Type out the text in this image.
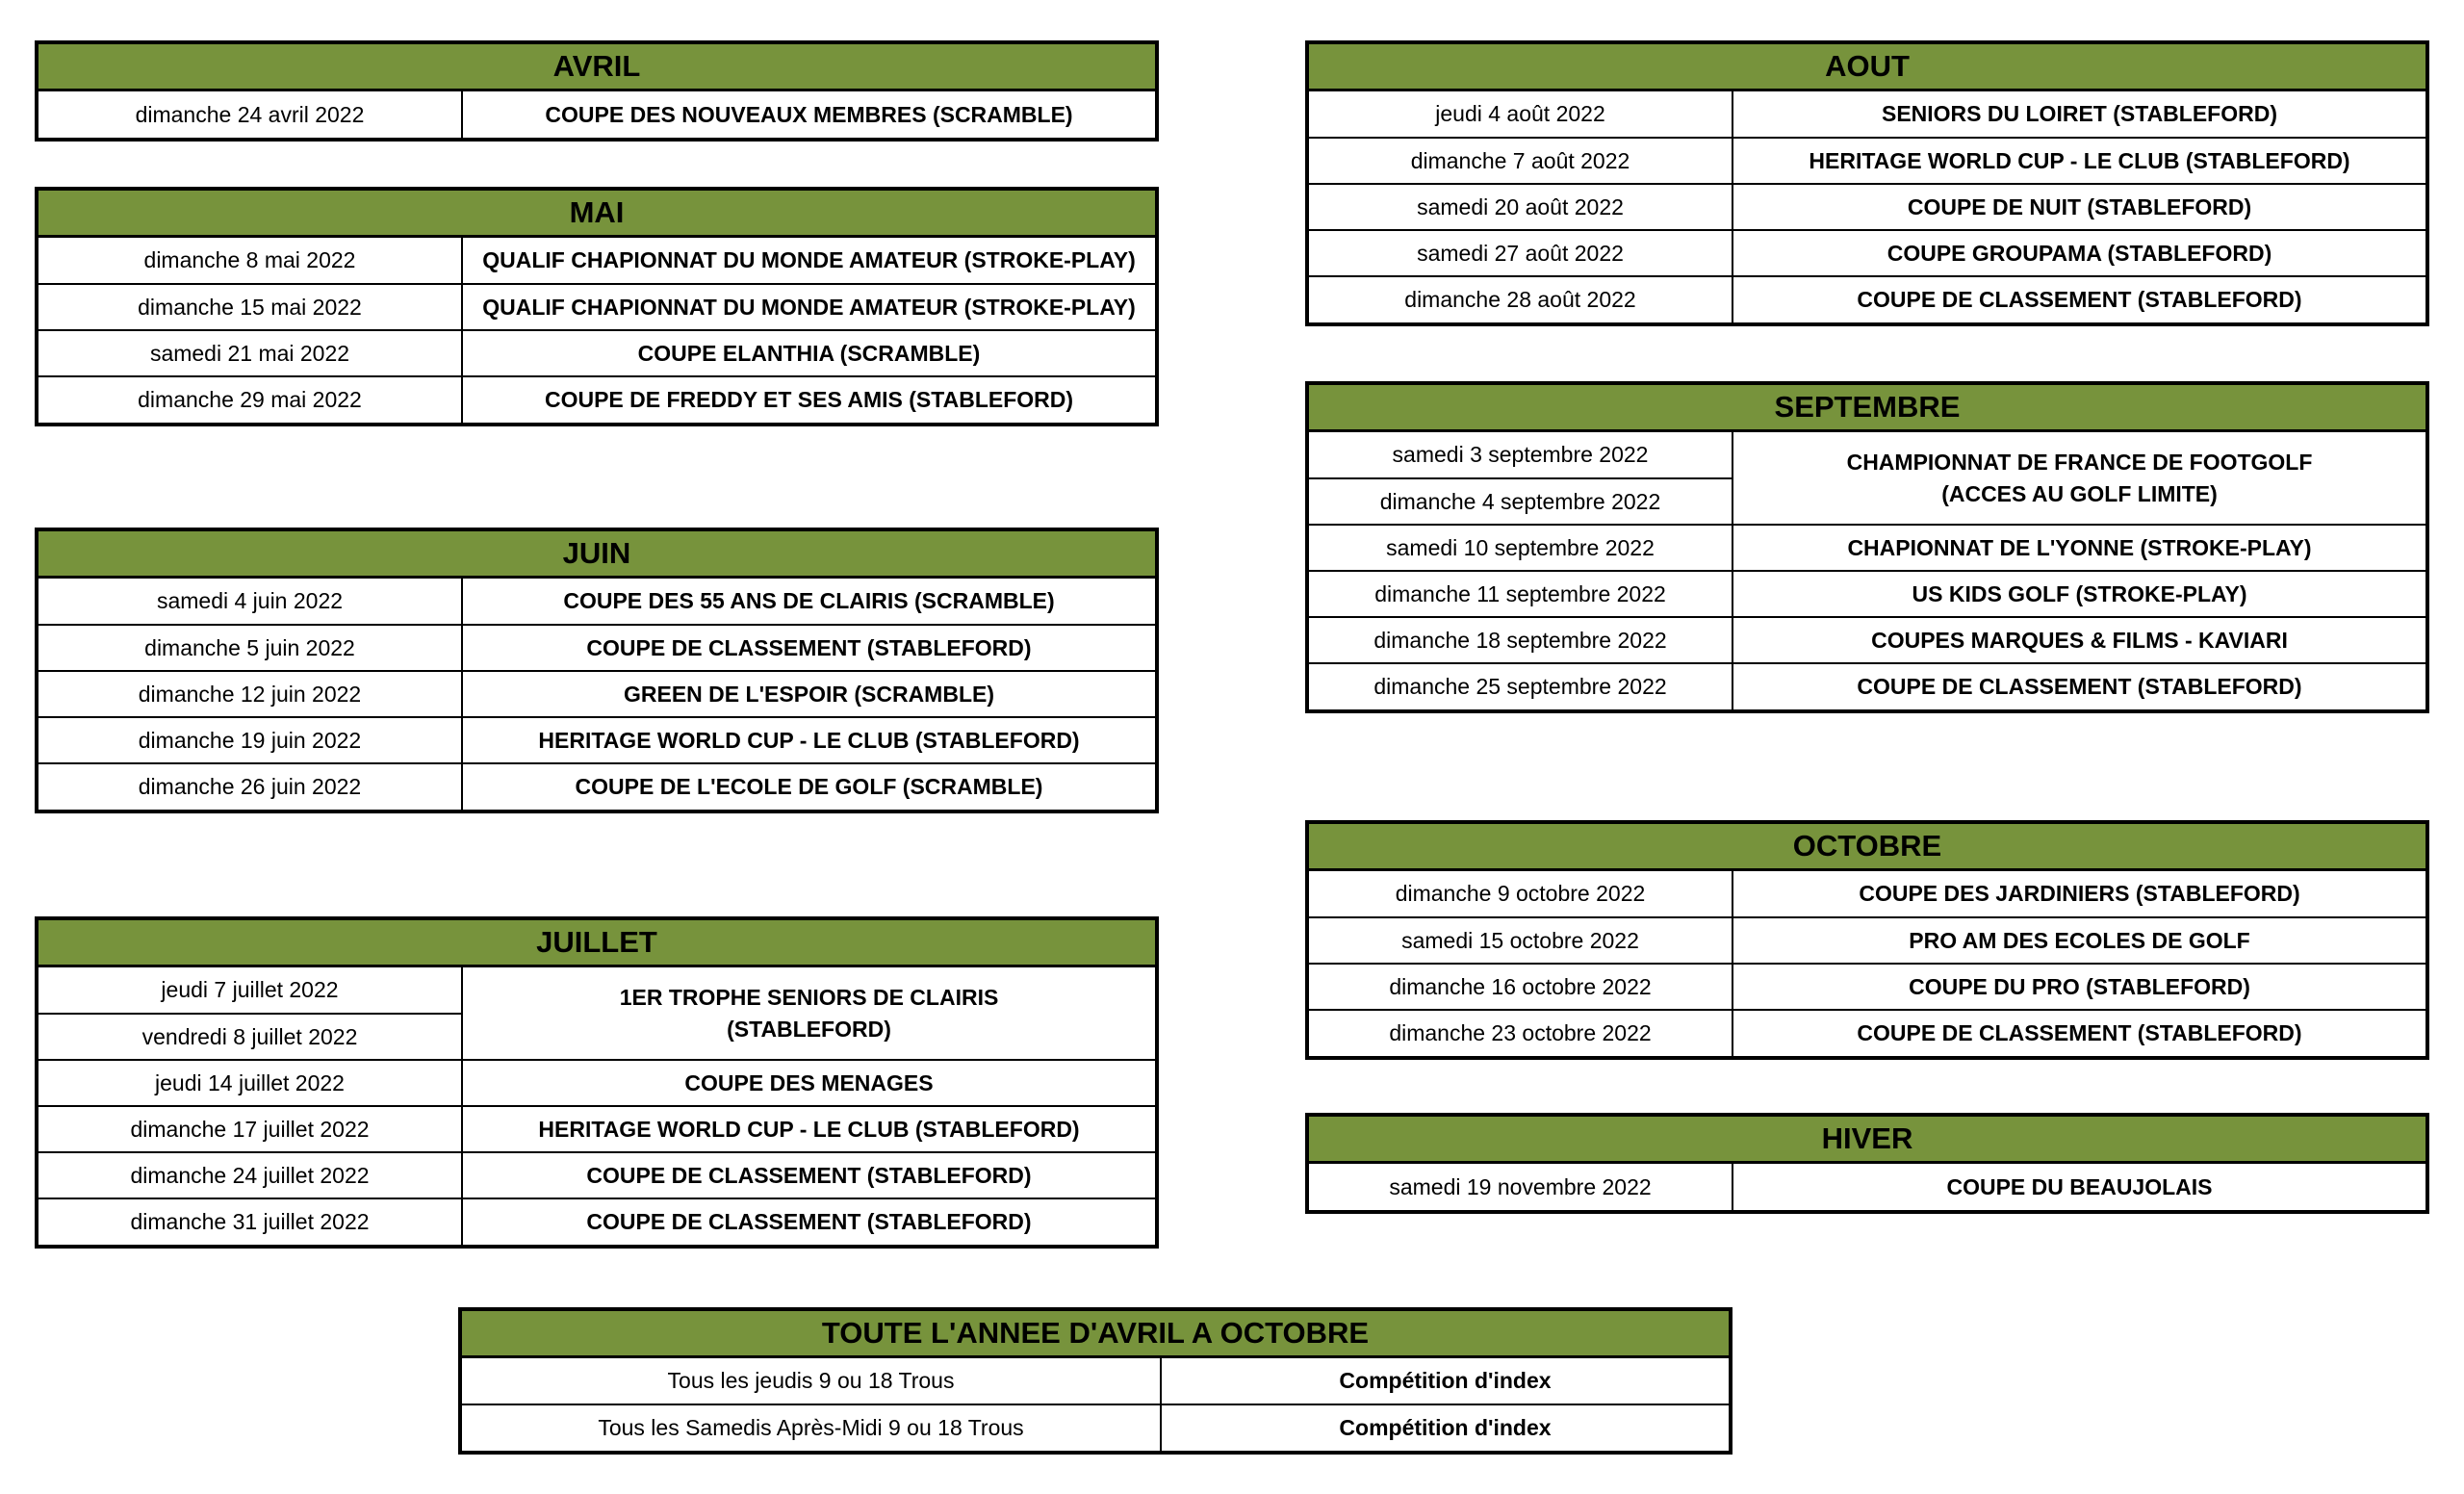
AVRIL
dimanche 24 avril 2022	COUPE DES NOUVEAUX MEMBRES (SCRAMBLE)
MAI
dimanche 8 mai 2022	QUALIF CHAPIONNAT DU MONDE AMATEUR (STROKE-PLAY)
dimanche 15 mai 2022	QUALIF CHAPIONNAT DU MONDE AMATEUR (STROKE-PLAY)
samedi 21 mai 2022	COUPE ELANTHIA (SCRAMBLE)
dimanche 29 mai 2022	COUPE DE FREDDY ET SES AMIS (STABLEFORD)
JUIN
samedi 4 juin 2022	COUPE DES 55 ANS DE CLAIRIS (SCRAMBLE)
dimanche 5 juin 2022	COUPE DE CLASSEMENT (STABLEFORD)
dimanche 12 juin 2022	GREEN DE L'ESPOIR (SCRAMBLE)
dimanche 19 juin 2022	HERITAGE WORLD CUP - LE CLUB (STABLEFORD)
dimanche 26 juin 2022	COUPE DE L'ECOLE DE GOLF (SCRAMBLE)
JUILLET
jeudi 7 juillet 2022	1ER TROPHE SENIORS DE CLAIRIS
(STABLEFORD)
vendredi 8 juillet 2022	
jeudi 14 juillet 2022	COUPE DES MENAGES
dimanche 17 juillet 2022	HERITAGE WORLD CUP - LE CLUB (STABLEFORD)
dimanche 24 juillet 2022	COUPE DE CLASSEMENT (STABLEFORD)
dimanche 31 juillet 2022	COUPE DE CLASSEMENT (STABLEFORD)
AOUT
jeudi 4 août 2022	SENIORS DU LOIRET (STABLEFORD)
dimanche 7 août 2022	HERITAGE WORLD CUP - LE CLUB (STABLEFORD)
samedi 20 août 2022	COUPE DE NUIT (STABLEFORD)
samedi 27 août 2022	COUPE GROUPAMA (STABLEFORD)
dimanche 28 août 2022	COUPE DE CLASSEMENT (STABLEFORD)
SEPTEMBRE
samedi 3 septembre 2022	CHAMPIONNAT DE FRANCE DE FOOTGOLF
(ACCES AU GOLF LIMITE)
dimanche 4 septembre 2022	
samedi 10 septembre 2022	CHAPIONNAT DE L'YONNE (STROKE-PLAY)
dimanche 11 septembre 2022	US KIDS GOLF (STROKE-PLAY)
dimanche 18 septembre 2022	COUPES MARQUES & FILMS - KAVIARI
dimanche 25 septembre 2022	COUPE DE CLASSEMENT (STABLEFORD)
OCTOBRE
dimanche 9 octobre 2022	COUPE DES JARDINIERS (STABLEFORD)
samedi 15 octobre 2022	PRO AM DES ECOLES DE GOLF
dimanche 16 octobre 2022	COUPE DU PRO (STABLEFORD)
dimanche 23 octobre 2022	COUPE DE CLASSEMENT (STABLEFORD)
HIVER
samedi 19 novembre 2022	COUPE DU BEAUJOLAIS
TOUTE L'ANNEE D'AVRIL A OCTOBRE
Tous les jeudis 9 ou 18 Trous	Compétition d'index
Tous les Samedis Après-Midi 9 ou 18 Trous	Compétition d'index
